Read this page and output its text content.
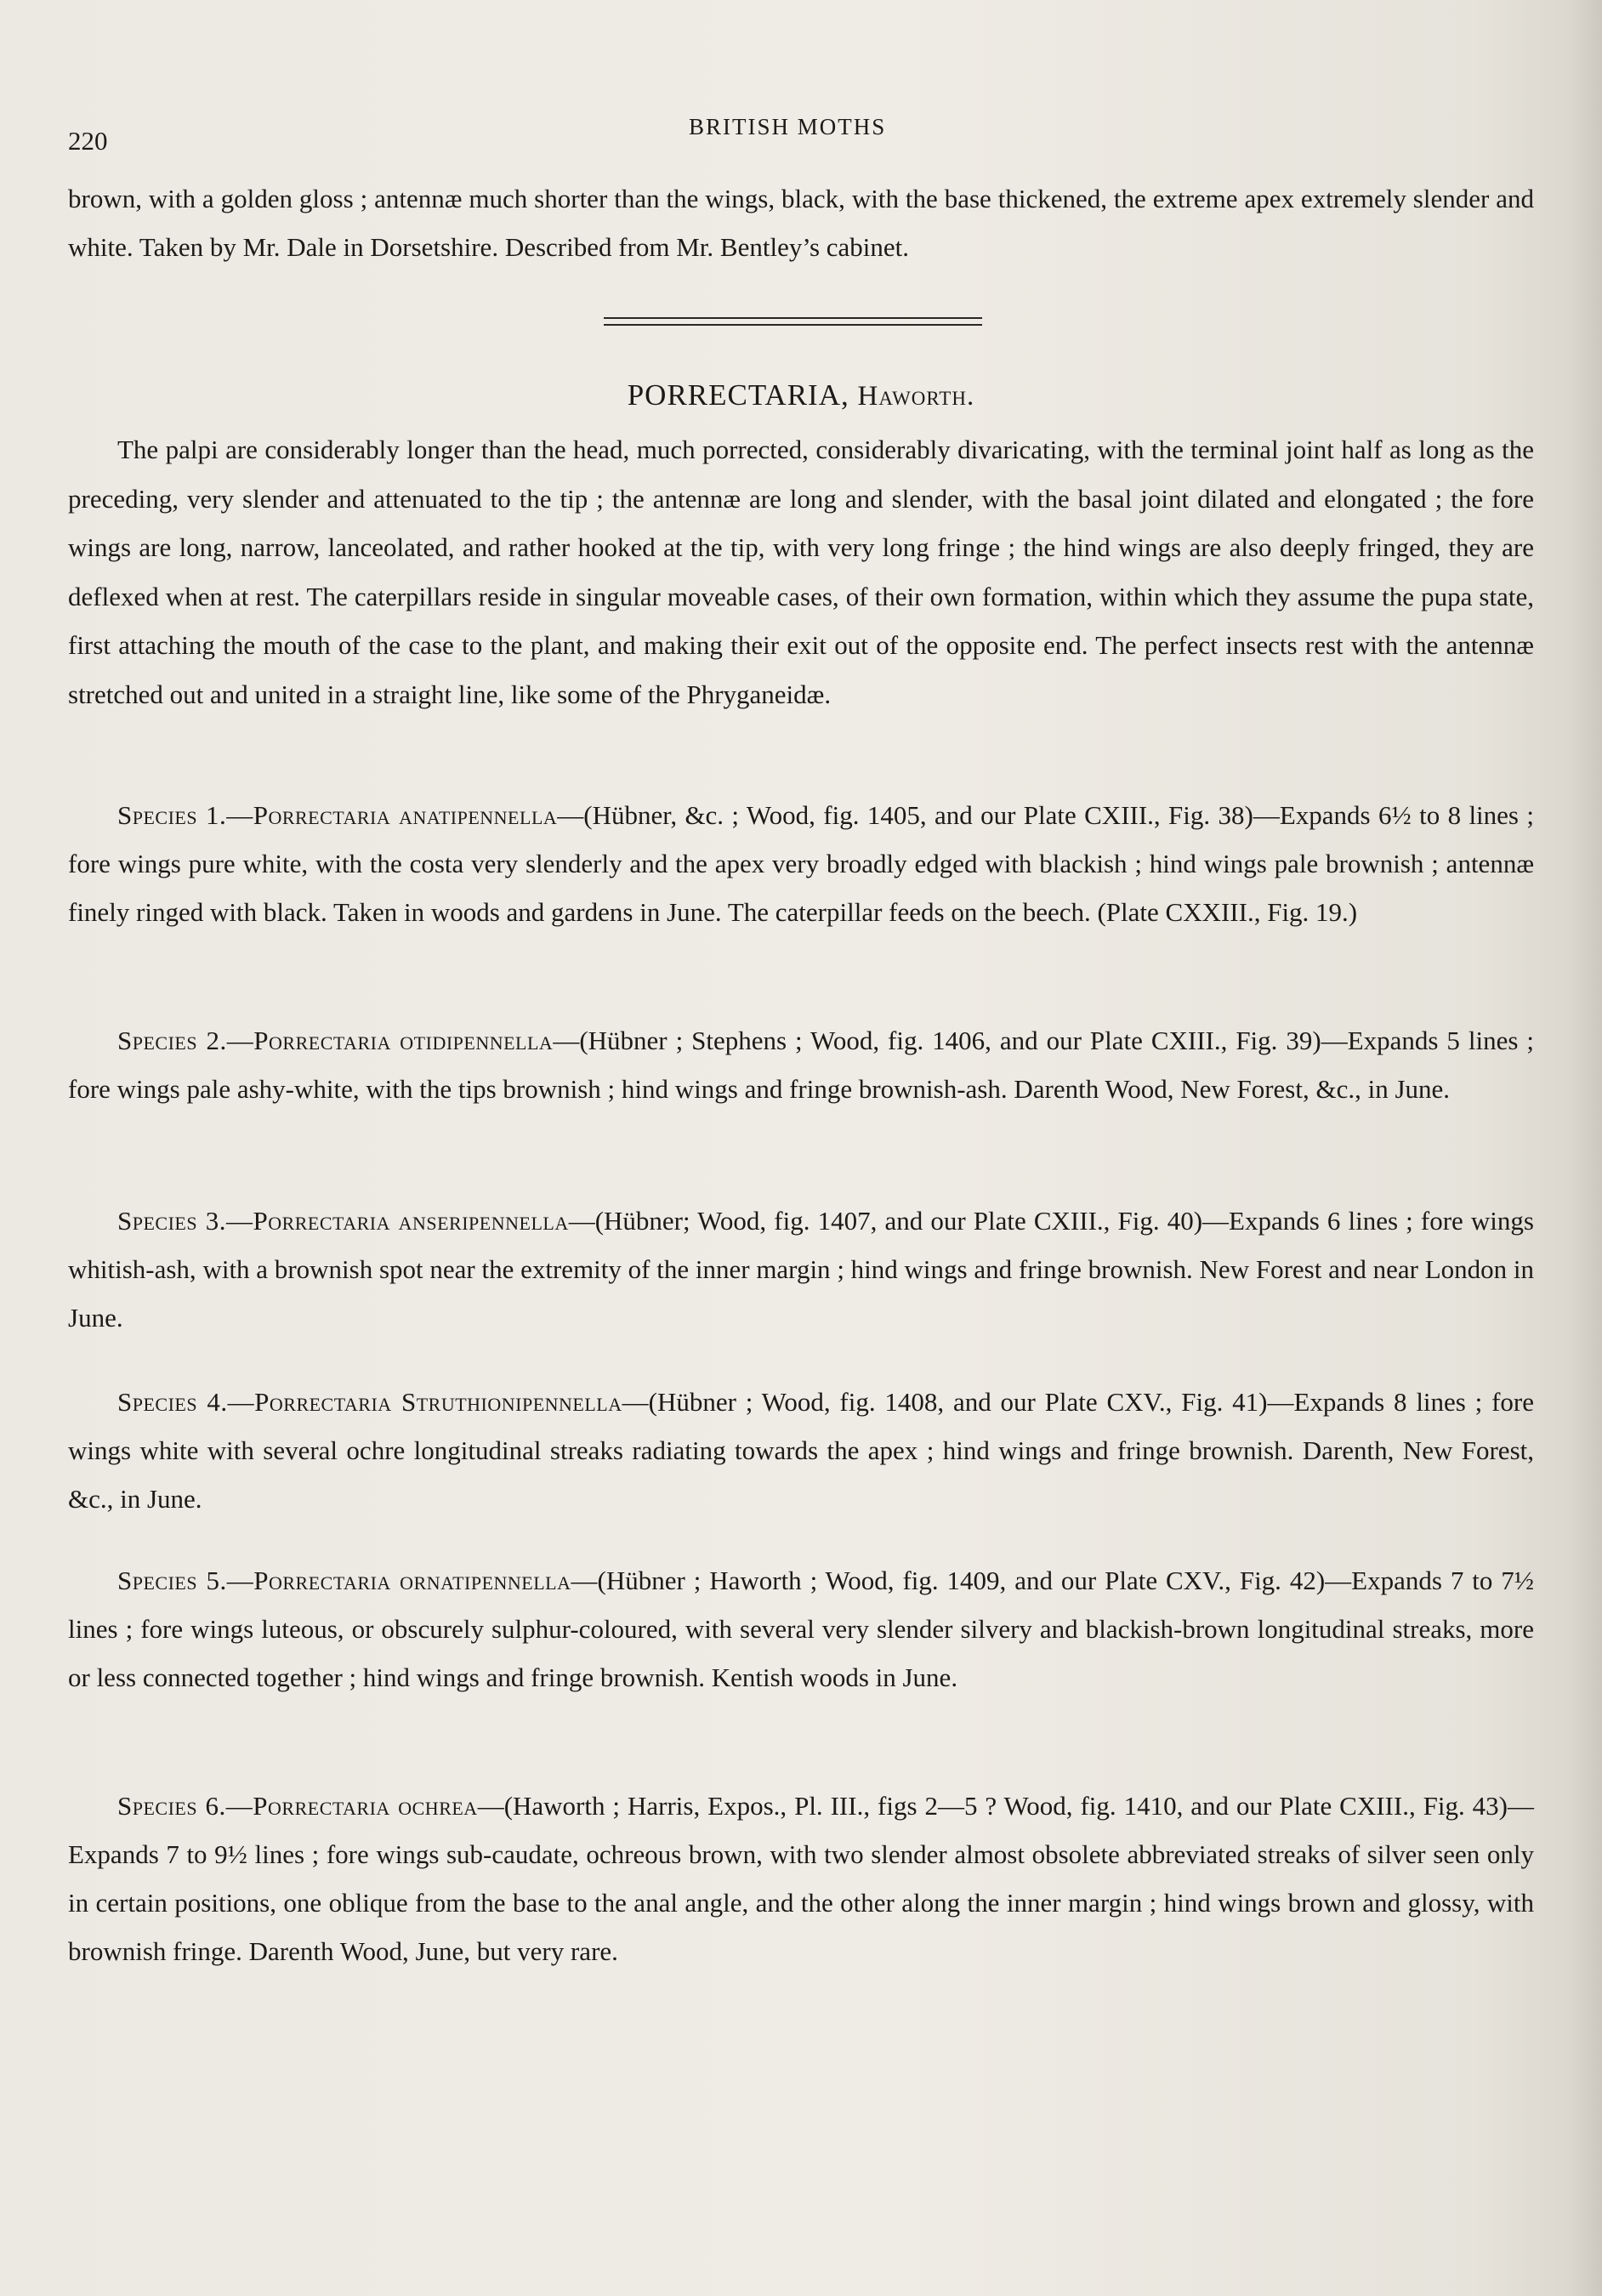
220	BRITISH MOTHS

brown, with a golden gloss ; antennæ much shorter than the wings, black, with the base thickened, the extreme apex extremely slender and white. Taken by Mr. Dale in Dorsetshire. Described from Mr. Bentley’s cabinet.

PORRECTARIA, Haworth.

The palpi are considerably longer than the head, much porrected, considerably divaricating, with the terminal joint half as long as the preceding, very slender and attenuated to the tip ; the antennæ are long and slender, with the basal joint dilated and elongated ; the fore wings are long, narrow, lanceolated, and rather hooked at the tip, with very long fringe ; the hind wings are also deeply fringed, they are deflexed when at rest. The caterpillars reside in singular moveable cases, of their own formation, within which they assume the pupa state, first attaching the mouth of the case to the plant, and making their exit out of the opposite end. The perfect insects rest with the antennæ stretched out and united in a straight line, like some of the Phryganeidæ.

Species 1.—Porrectaria anatipennella—(Hübner, &c. ; Wood, fig. 1405, and our Plate CXIII., Fig. 38)—Expands 6½ to 8 lines ; fore wings pure white, with the costa very slenderly and the apex very broadly edged with blackish ; hind wings pale brownish ; antennæ finely ringed with black. Taken in woods and gardens in June. The caterpillar feeds on the beech. (Plate CXXIII., Fig. 19.)

Species 2.—Porrectaria otidipennella—(Hübner ; Stephens ; Wood, fig. 1406, and our Plate CXIII., Fig. 39)—Expands 5 lines ; fore wings pale ashy-white, with the tips brownish ; hind wings and fringe brownish-ash. Darenth Wood, New Forest, &c., in June.

Species 3.—Porrectaria anseripennella—(Hübner; Wood, fig. 1407, and our Plate CXIII., Fig. 40)—Expands 6 lines ; fore wings whitish-ash, with a brownish spot near the extremity of the inner margin ; hind wings and fringe brownish. New Forest and near London in June.

Species 4.—Porrectaria Struthionipennella—(Hübner ; Wood, fig. 1408, and our Plate CXV., Fig. 41)—Expands 8 lines ; fore wings white with several ochre longitudinal streaks radiating towards the apex ; hind wings and fringe brownish. Darenth, New Forest, &c., in June.

Species 5.—Porrectaria ornatipennella—(Hübner ; Haworth ; Wood, fig. 1409, and our Plate CXV., Fig. 42)—Expands 7 to 7½ lines ; fore wings luteous, or obscurely sulphur-coloured, with several very slender silvery and blackish-brown longitudinal streaks, more or less connected together ; hind wings and fringe brownish. Kentish woods in June.

Species 6.—Porrectaria ochrea—(Haworth ; Harris, Expos., Pl. III., figs 2—5 ? Wood, fig. 1410, and our Plate CXIII., Fig. 43)—Expands 7 to 9½ lines ; fore wings sub-caudate, ochreous brown, with two slender almost obsolete abbreviated streaks of silver seen only in certain positions, one oblique from the base to the anal angle, and the other along the inner margin ; hind wings brown and glossy, with brownish fringe. Darenth Wood, June, but very rare.
